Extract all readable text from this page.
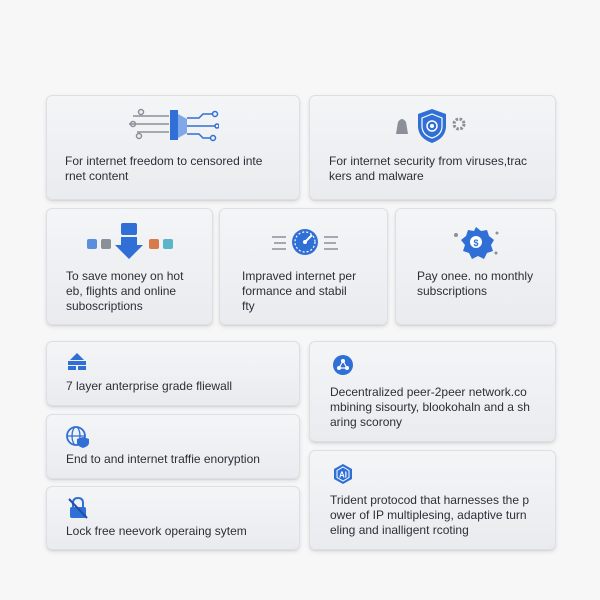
For internet freedom to censored inte
rnet content
For internet security from viruses,trac
kers and malware
To save money on hot
eb, flights and online
suboscriptions
Impraved internet per
formance and stabil
fty
$
Pay onee. no monthly
subscriptions
7 layer anterprise grade fliewall	Decentralized peer-2peer network.co
mbining sisourty, blookohaln and a sh
aring scorony
End to and internet traffie enoryption
AI
Trident protocod that harnesses the p
ower of IP multiplesing, adaptive turn
eling and inalligent rcoting
Lock free neevork operaing sytem
